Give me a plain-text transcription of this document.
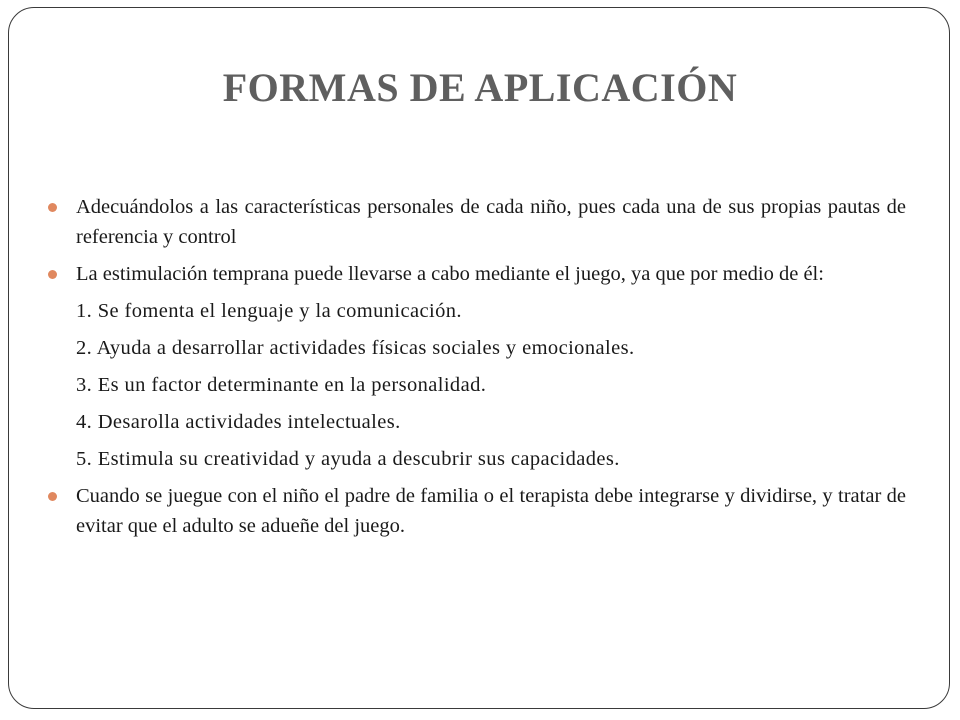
FORMAS DE APLICACIÓN

Adecuándolos a las características personales de cada niño, pues cada una de sus propias pautas de referencia y control

La estimulación temprana puede llevarse a cabo mediante el juego, ya que por medio de él:

1. Se fomenta el lenguaje y la comunicación.

2. Ayuda a desarrollar actividades físicas sociales y emocionales.

3. Es un factor determinante en la personalidad.

4. Desarolla actividades intelectuales.

5. Estimula su creatividad y ayuda a descubrir sus capacidades.

Cuando se juegue con el niño el padre de familia o el terapista debe integrarse y dividirse, y tratar de evitar que el adulto se adueñe del juego.
